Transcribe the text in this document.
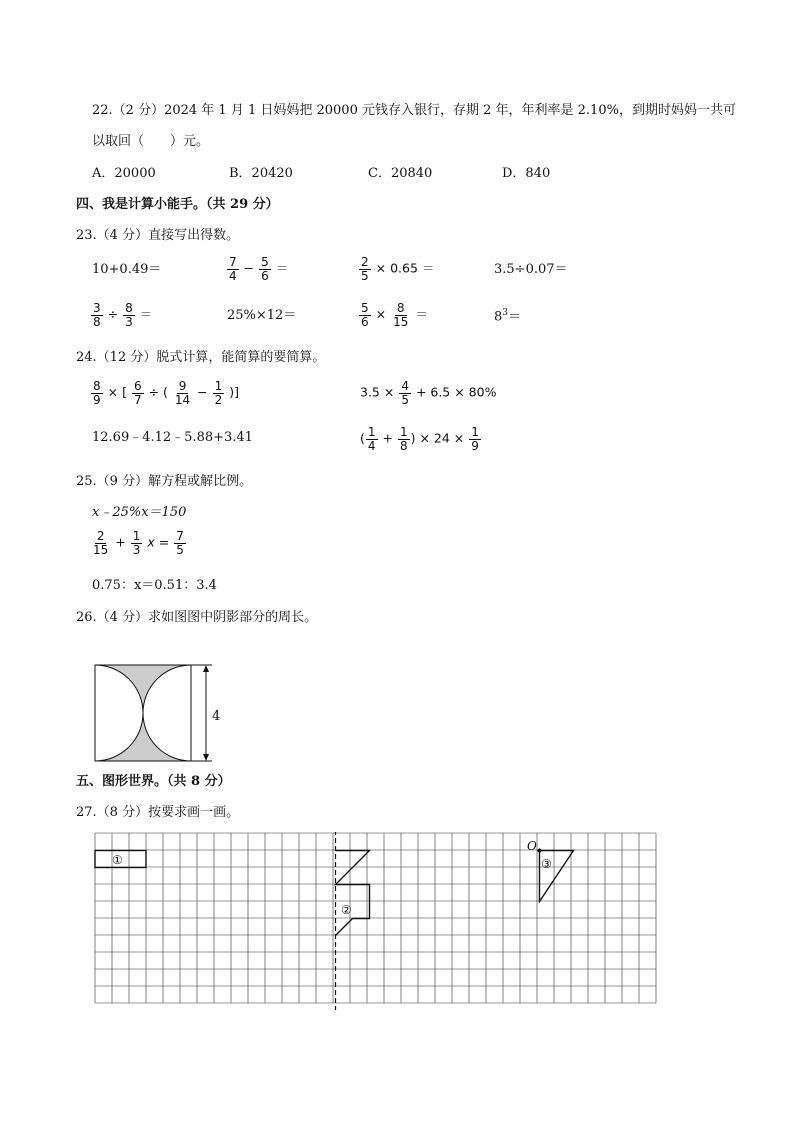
22.（2 分）2024 年 1 月 1 日妈妈把 20000 元钱存入银行，存期 2 年，年利率是 2.10%，到期时妈妈一共可
以取回（　　）元。
A．20000	B．20420	C．20840	D．840
四、我是计算小能手。（共 29 分）
23.（4 分）直接写出得数。
10+0.49＝	$\frac{7}{4} - \frac{5}{6}$ ＝	$\frac{2}{5} \times 0.65$ ＝	3.5÷0.07＝
$\frac{3}{8} \div \frac{8}{3}$ ＝	25%×12＝	$\frac{5}{6} \times \frac{8}{15}$ ＝	$8^3=$
24.（12 分）脱式计算，能简算的要简算。
$\frac{8}{9}$ × [ $\frac{6}{7}$ ÷ ( $\frac{9}{14} - \frac{1}{2}$ )]	$3.5 \times \frac{4}{5} + 6.5 \times 80\%$
12.69﹣4.12﹣5.88+3.41	( $\frac{1}{4} + \frac{1}{8}$ ) × $24 \times \frac{1}{9}$
25.（9 分）解方程或解比例。
x﹣25%x＝150
$\frac{2}{15} + \frac{1}{3}$ $x = \frac{7}{5}$
0.75：x＝0.51：3.4
26.（4 分）求如图图中阴影部分的周长。
4
五、图形世界。（共 8 分）
27.（8 分）按要求画一画。
①
②
③
O
